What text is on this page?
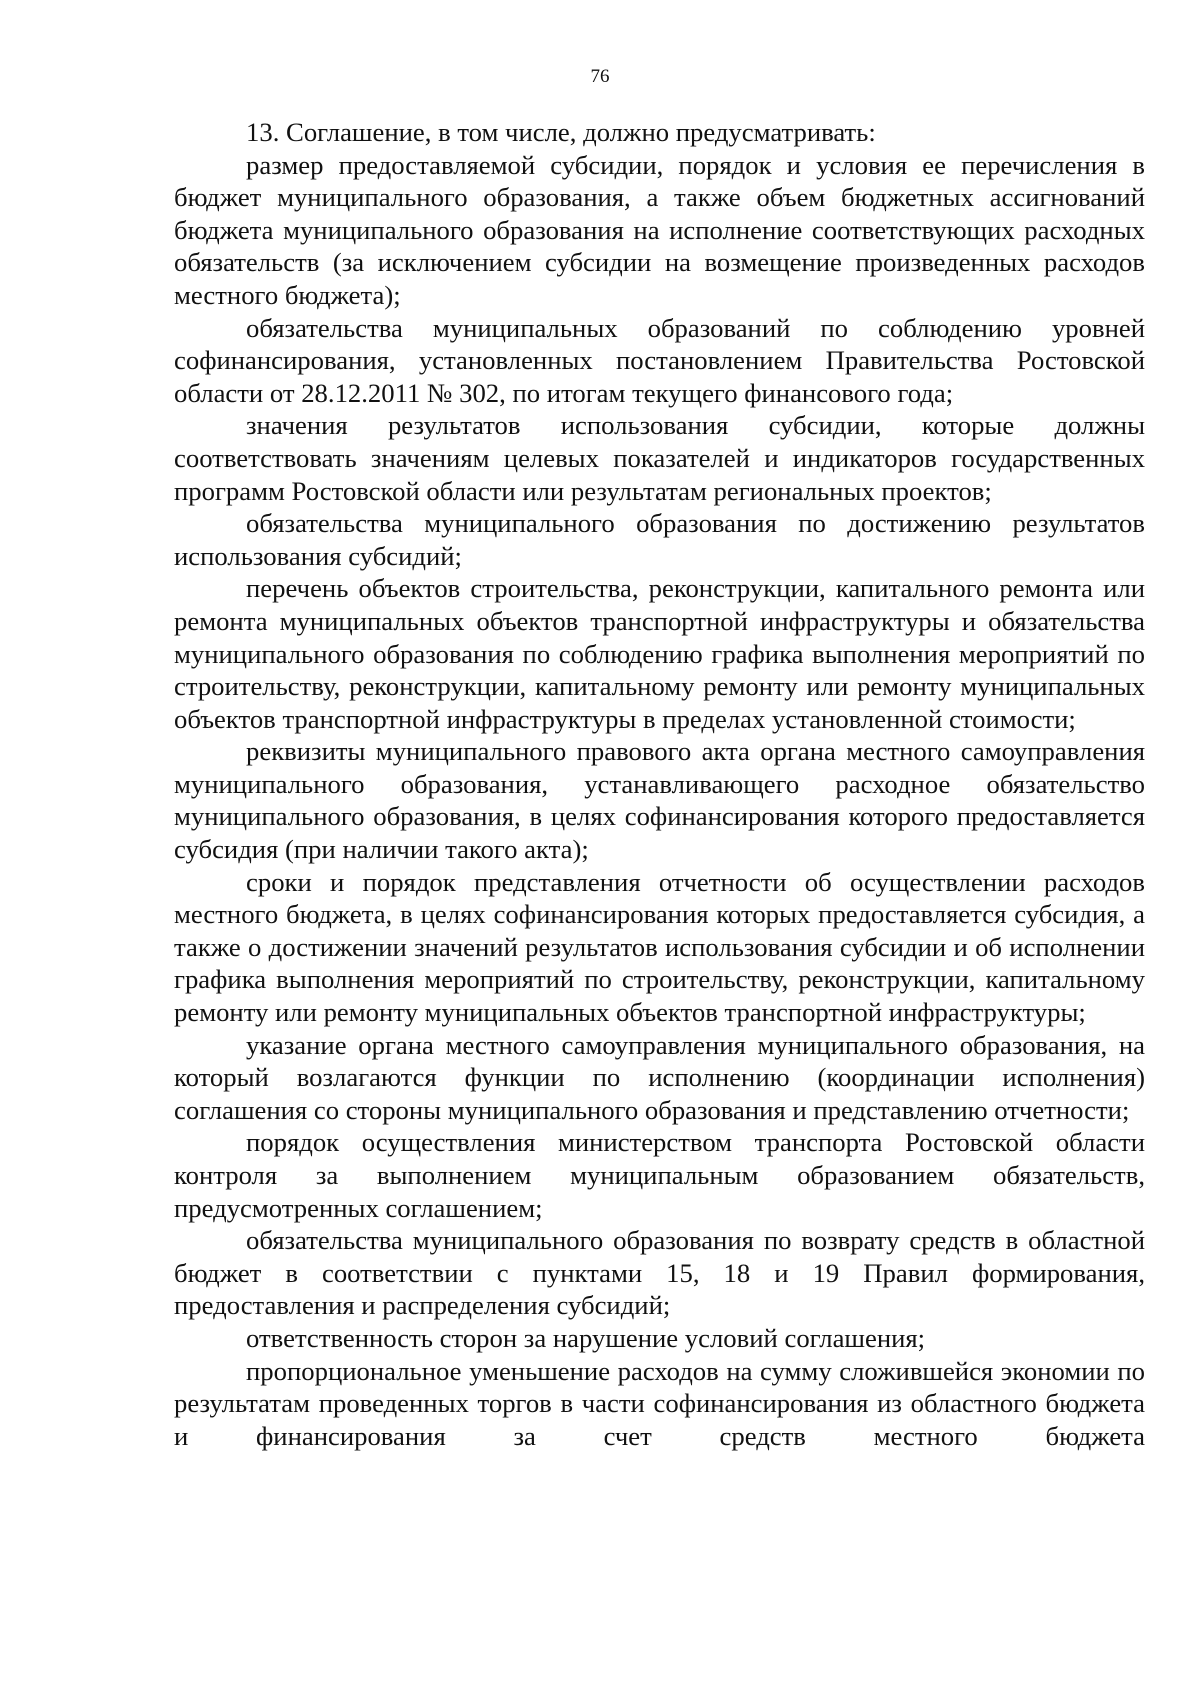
76

13. Соглашение, в том числе, должно предусматривать:

размер предоставляемой субсидии, порядок и условия ее перечисления в бюджет муниципального образования, а также объем бюджетных ассигнований бюджета муниципального образования на исполнение соответствующих расходных обязательств (за исключением субсидии на возмещение произведенных расходов местного бюджета);

обязательства муниципальных образований по соблюдению уровней софинансирования, установленных постановлением Правительства Ростовской области от 28.12.2011 № 302, по итогам текущего финансового года;

значения результатов использования субсидии, которые должны соответствовать значениям целевых показателей и индикаторов государственных программ Ростовской области или результатам региональных проектов;

обязательства муниципального образования по достижению результатов использования субсидий;

перечень объектов строительства, реконструкции, капитального ремонта или ремонта муниципальных объектов транспортной инфраструктуры и обязательства муниципального образования по соблюдению графика выполнения мероприятий по строительству, реконструкции, капитальному ремонту или ремонту муниципальных объектов транспортной инфраструктуры в пределах установленной стоимости;

реквизиты муниципального правового акта органа местного самоуправления муниципального образования, устанавливающего расходное обязательство муниципального образования, в целях софинансирования которого предоставляется субсидия (при наличии такого акта);

сроки и порядок представления отчетности об осуществлении расходов местного бюджета, в целях софинансирования которых предоставляется субсидия, а также о достижении значений результатов использования субсидии и об исполнении графика выполнения мероприятий по строительству, реконструкции, капитальному ремонту или ремонту муниципальных объектов транспортной инфраструктуры;

указание органа местного самоуправления муниципального образования, на который возлагаются функции по исполнению (координации исполнения) соглашения со стороны муниципального образования и представлению отчетности;

порядок осуществления министерством транспорта Ростовской области контроля за выполнением муниципальным образованием обязательств, предусмотренных соглашением;

обязательства муниципального образования по возврату средств в областной бюджет в соответствии с пунктами 15, 18 и 19 Правил формирования, предоставления и распределения субсидий;

ответственность сторон за нарушение условий соглашения;

пропорциональное уменьшение расходов на сумму сложившейся экономии по результатам проведенных торгов в части софинансирования из областного бюджета и финансирования за счет средств местного бюджета
